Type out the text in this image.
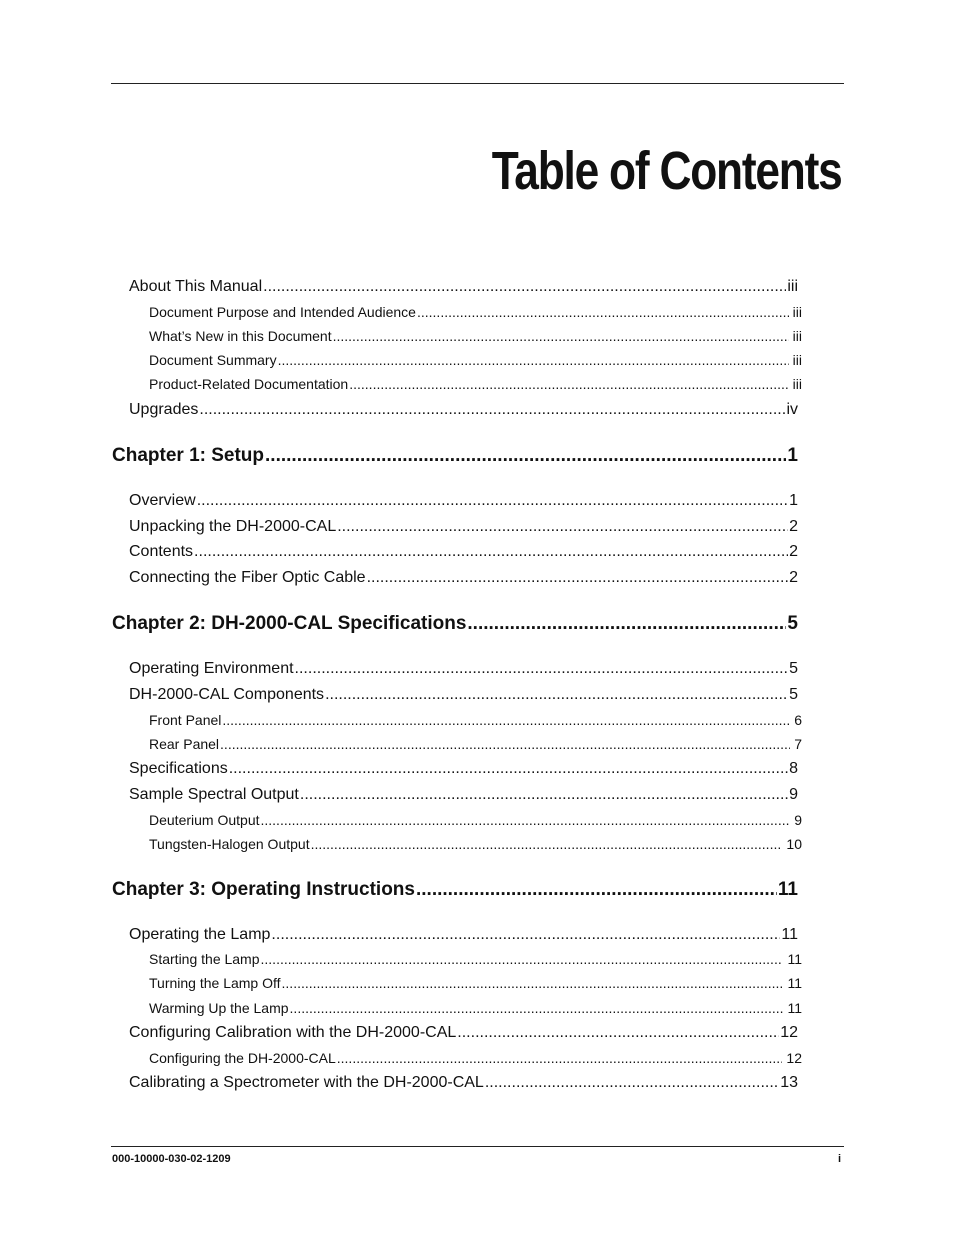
Table of Contents
About This Manual .....	iii
Document Purpose and Intended Audience .....	iii
What’s New in this Document .....	iii
Document Summary .....	iii
Product-Related Documentation .....	iii
Upgrades .....	iv
Chapter 1: Setup .....	1
Overview .....	1
Unpacking the DH-2000-CAL .....	2
Contents .....	2
Connecting the Fiber Optic Cable .....	2
Chapter 2: DH-2000-CAL Specifications .....	5
Operating Environment .....	5
DH-2000-CAL Components .....	5
Front Panel .....	6
Rear Panel .....	7
Specifications .....	8
Sample Spectral Output .....	9
Deuterium Output .....	9
Tungsten-Halogen Output .....	10
Chapter 3: Operating Instructions .....	11
Operating the Lamp .....	11
Starting the Lamp .....	11
Turning the Lamp Off .....	11
Warming Up the Lamp .....	11
Configuring Calibration with the DH-2000-CAL .....	12
Configuring the DH-2000-CAL .....	12
Calibrating a Spectrometer with the DH-2000-CAL .....	13
000-10000-030-02-1209	i
